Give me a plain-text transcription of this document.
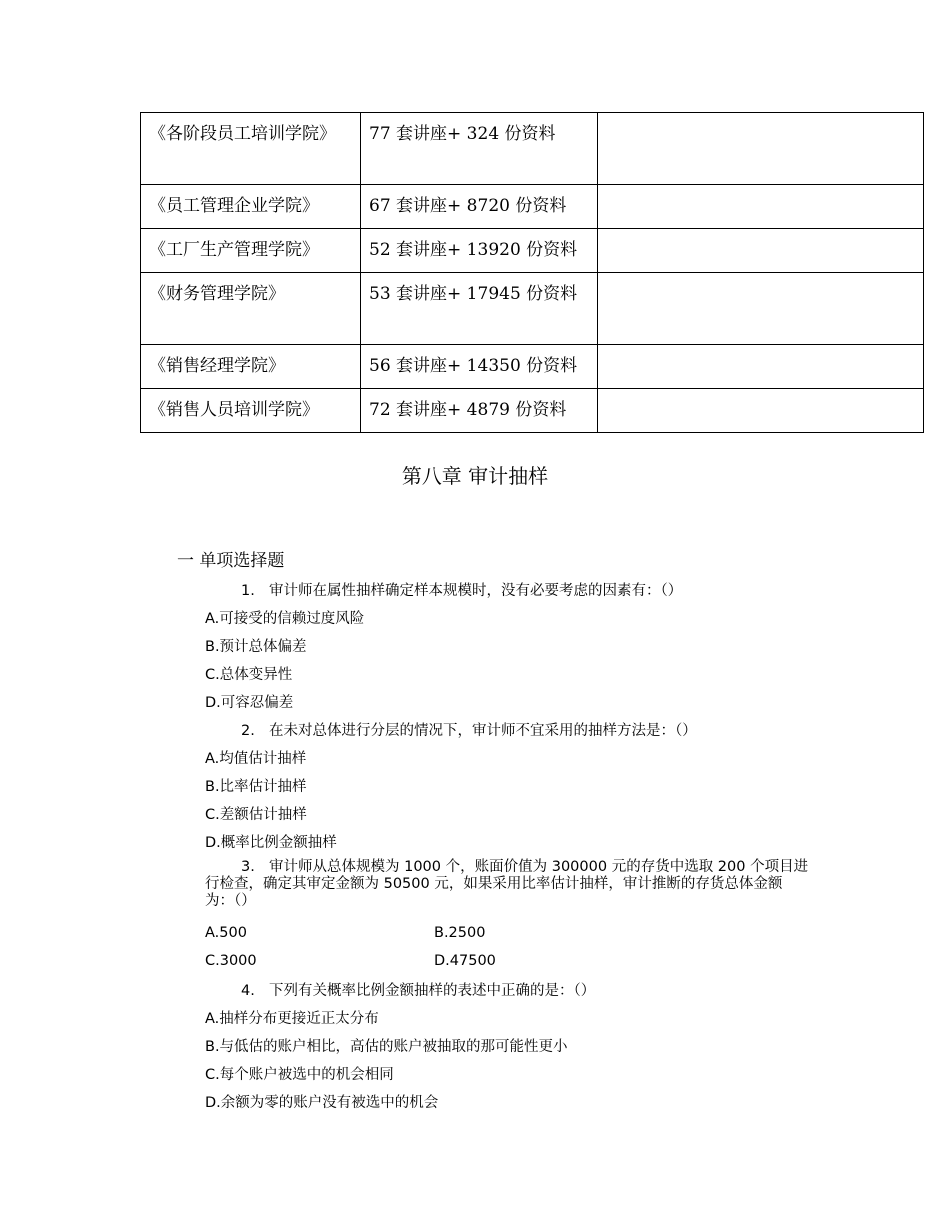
《各阶段员工培训学院》	77 套讲座+ 324 份资料	
《员工管理企业学院》	67 套讲座+ 8720 份资料	
《工厂生产管理学院》	52 套讲座+ 13920 份资料	
《财务管理学院》	53 套讲座+ 17945 份资料	
《销售经理学院》	56 套讲座+ 14350 份资料	
《销售人员培训学院》	72 套讲座+ 4879 份资料	
第八章 审计抽样
一 单项选择题
1. 审计师在属性抽样确定样本规模时，没有必要考虑的因素有：（）
A.可接受的信赖过度风险
B.预计总体偏差
C.总体变异性
D.可容忍偏差
2. 在未对总体进行分层的情况下，审计师不宜采用的抽样方法是：（）
A.均值估计抽样
B.比率估计抽样
C.差额估计抽样
D.概率比例金额抽样
3. 审计师从总体规模为 1000 个，账面价值为 300000 元的存货中选取 200 个项目进行检查，确定其审定金额为 50500 元，如果采用比率估计抽样，审计推断的存货总体金额为：（）
A.500	B.2500
C.3000	D.47500
4. 下列有关概率比例金额抽样的表述中正确的是：（）
A.抽样分布更接近正太分布
B.与低估的账户相比，高估的账户被抽取的那可能性更小
C.每个账户被选中的机会相同
D.余额为零的账户没有被选中的机会
